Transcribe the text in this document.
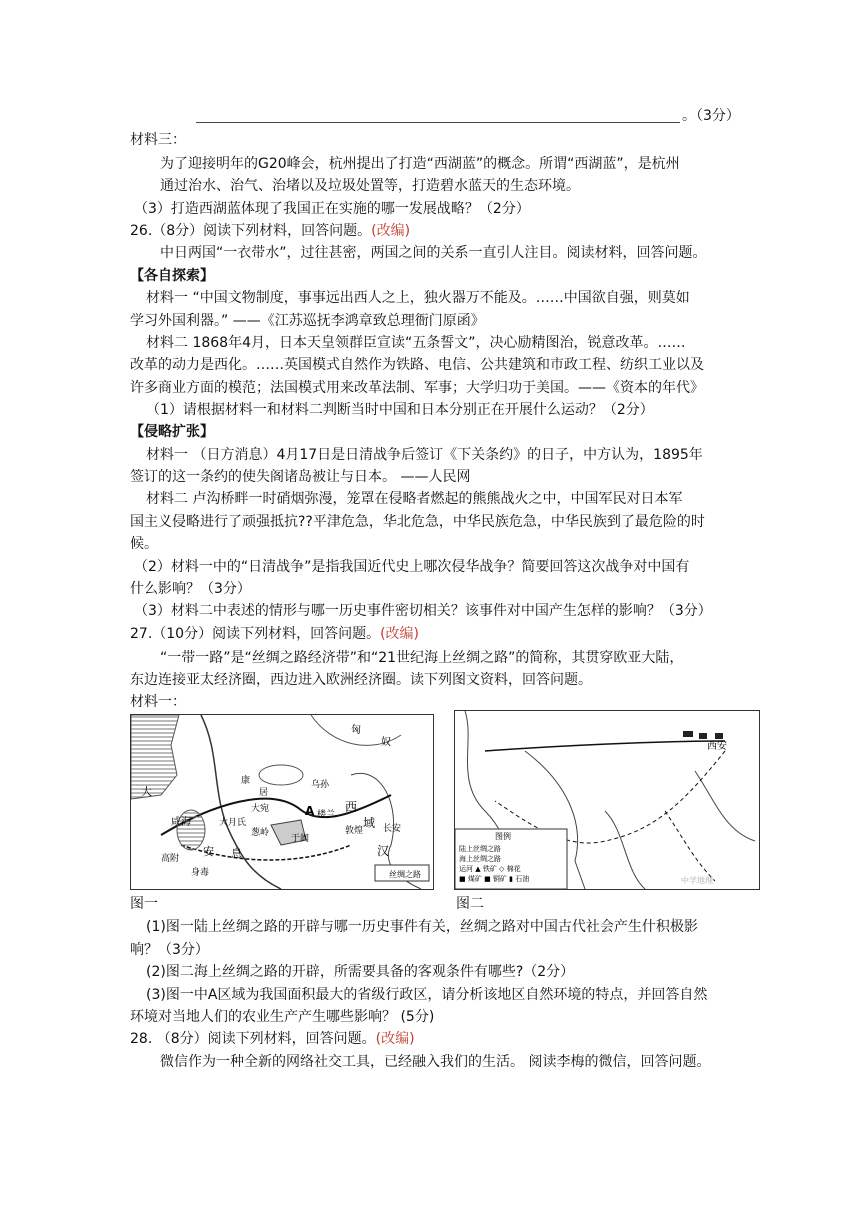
。（3分）
材料三：
为了迎接明年的G20峰会，杭州提出了打造“西湖蓝”的概念。所谓“西湖蓝”，是杭州
通过治水、治气、治堵以及垃圾处置等，打造碧水蓝天的生态环境。
（3）打造西湖蓝体现了我国正在实施的哪一发展战略？（2分）
26.（8分）阅读下列材料，回答问题。(改编)
中日两国“一衣带水”，过往甚密，两国之间的关系一直引人注目。阅读材料，回答问题。
【各自探索】
材料一 “中国文物制度，事事远出西人之上，独火器万不能及。……中国欲自强，则莫如
学习外国利器。” ——《江苏巡抚李鸿章致总理衙门原函》
材料二 1868年4月，日本天皇领群臣宣读“五条誓文”，决心励精图治，锐意改革。……
改革的动力是西化。……英国模式自然作为铁路、电信、公共建筑和市政工程、纺织工业以及
许多商业方面的模范；法国模式用来改革法制、军事；大学归功于美国。——《资本的年代》
（1）请根据材料一和材料二判断当时中国和日本分别正在开展什么运动？（2分）
【侵略扩张】
材料一 （日方消息）4月17日是日清战争后签订《下关条约》的日子，中方认为，1895年
签订的这一条约的使失阁诸岛被让与日本。 ——人民网
材料二 卢沟桥畔一时硝烟弥漫，笼罩在侵略者燃起的熊熊战火之中，中国军民对日本军
国主义侵略进行了顽强抵抗??平津危急，华北危急，中华民族危急，中华民族到了最危险的时
候。
（2）材料一中的“日清战争”是指我国近代史上哪次侵华战争？简要回答这次战争对中国有
什么影响？（3分）
（3）材料二中表述的情形与哪一历史事件密切相关？该事件对中国产生怎样的影响？（3分）
27.（10分）阅读下列材料，回答问题。(改编)
“一带一路”是“丝绸之路经济带”和“21世纪海上丝绸之路”的简称，其贯穿欧亚大陆，
东边连接亚太经济圈，西边进入欧洲经济圈。读下列图文资料，回答问题。
材料一：
大
咸海
安 息
康
居
大宛
乌孙
匈
奴
西
域
汉
长安
楼兰
于阗
敦煌
葱岭
A
身毒
大月氏
高附
丝绸之路
图一
西安
图例
陆上丝绸之路
海上丝绸之路
运河 ▲ 铁矿 ◇ 棉花
■ 煤矿 ■ 铜矿 ▮ 石油	中学地理
图二
(1)图一陆上丝绸之路的开辟与哪一历史事件有关，丝绸之路对中国古代社会产生什积极影
响？（3分）
(2)图二海上丝绸之路的开辟，所需要具备的客观条件有哪些?（2分）
(3)图一中A区域为我国面积最大的省级行政区，请分析该地区自然环境的特点，并回答自然
环境对当地人们的农业生产产生哪些影响？ (5分)
28. （8分）阅读下列材料，回答问题。(改编)
微信作为一种全新的网络社交工具，已经融入我们的生活。 阅读李梅的微信，回答问题。
